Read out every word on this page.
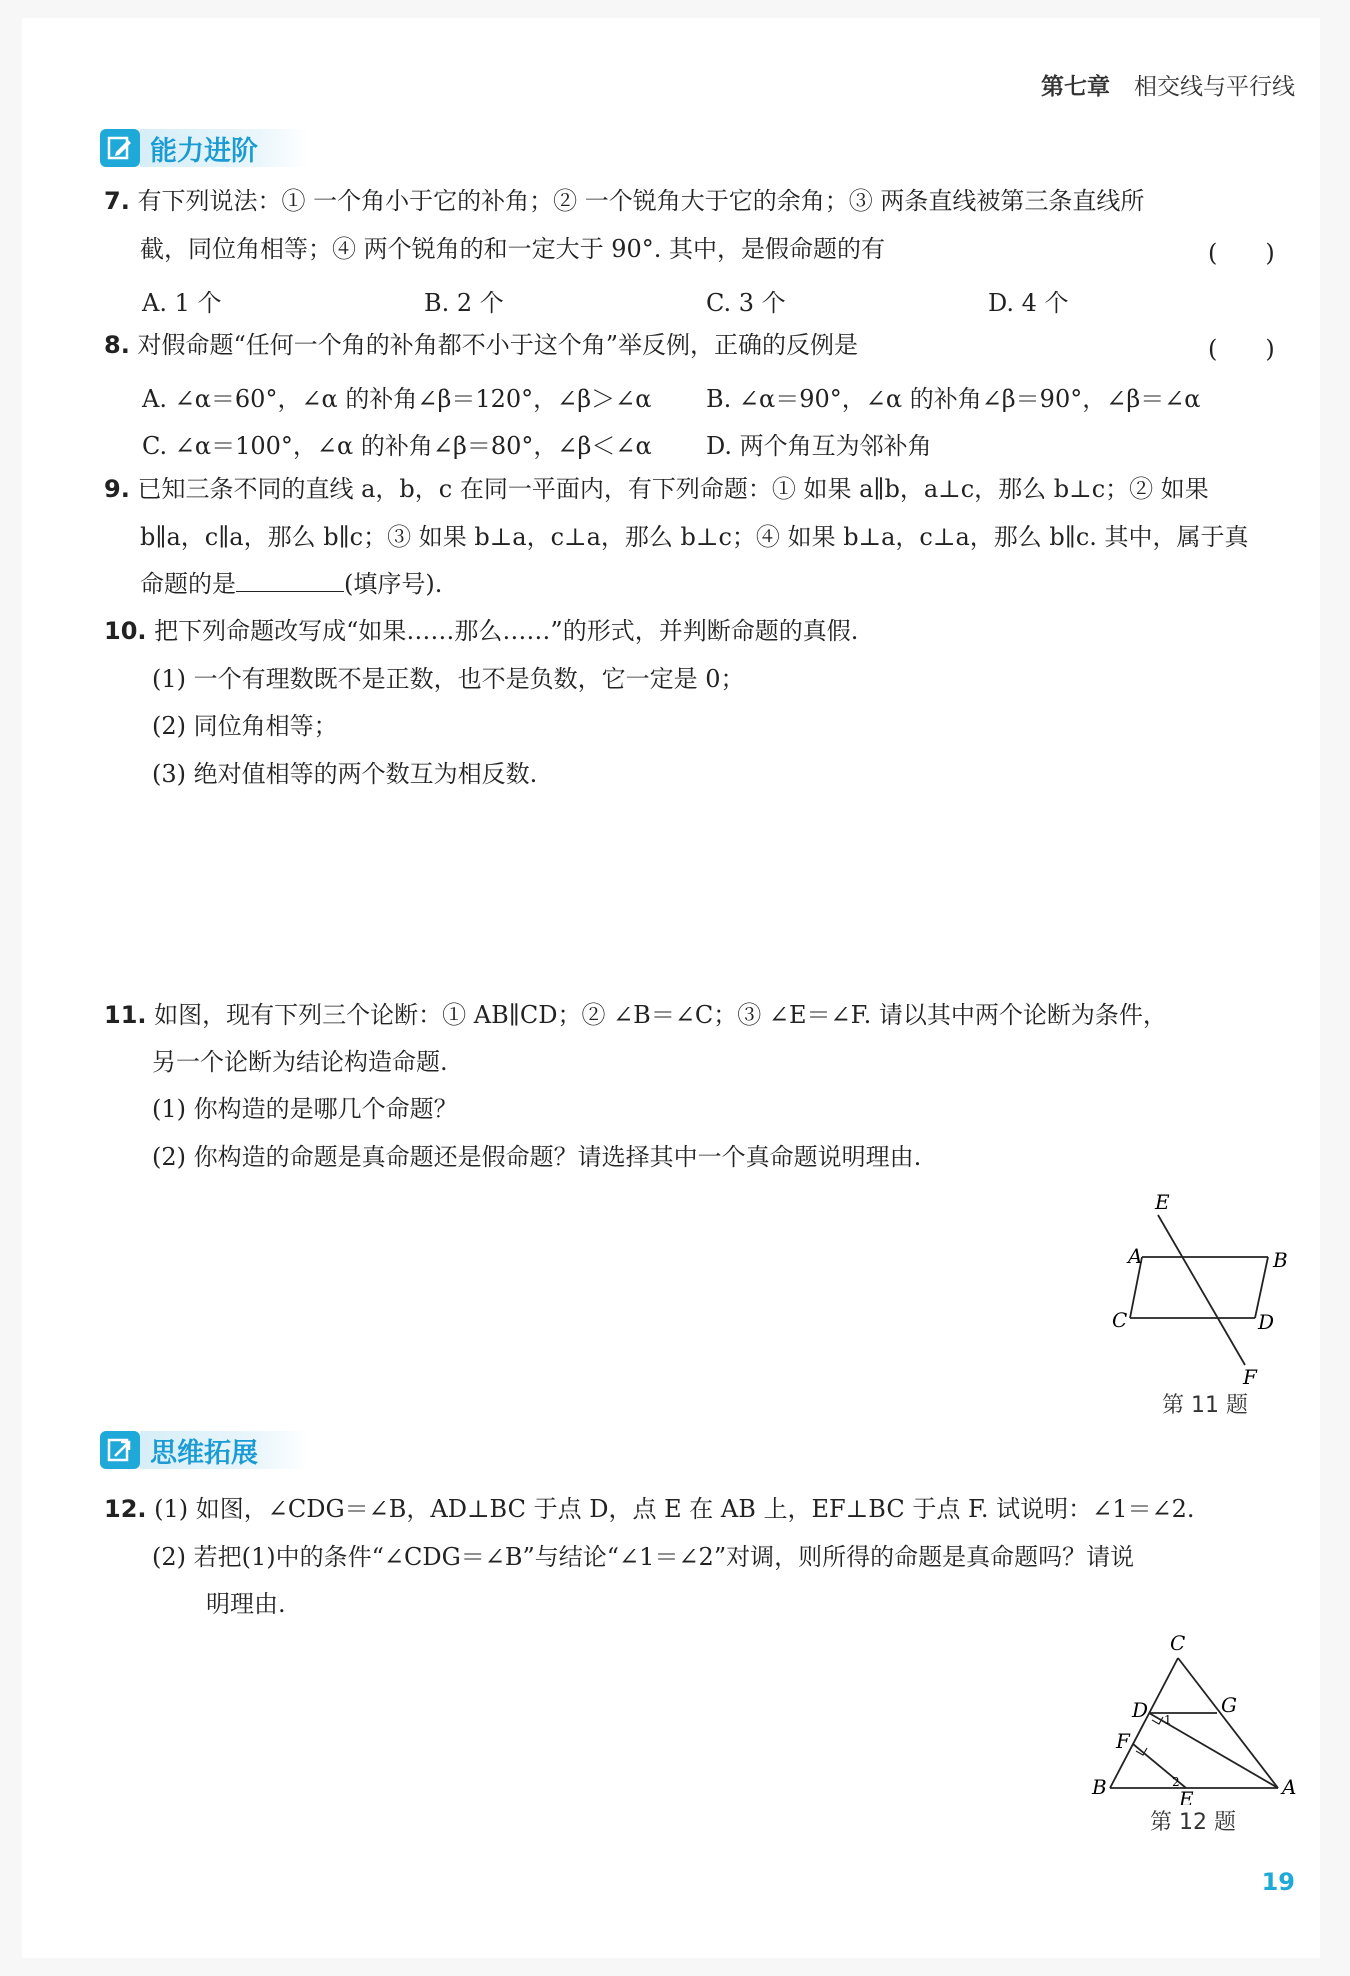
第七章 相交线与平行线
能力进阶
7. 有下列说法：① 一个角小于它的补角；② 一个锐角大于它的余角；③ 两条直线被第三条直线所
截，同位角相等；④ 两个锐角的和一定大于 90°. 其中，是假命题的有	(　　)
A. 1 个	B. 2 个	C. 3 个	D. 4 个
8. 对假命题“任何一个角的补角都不小于这个角”举反例，正确的反例是	(　　)
A. ∠α＝60°，∠α 的补角∠β＝120°，∠β＞∠α B. ∠α＝90°，∠α 的补角∠β＝90°，∠β＝∠α
C. ∠α＝100°，∠α 的补角∠β＝80°，∠β＜∠α D. 两个角互为邻补角
9. 已知三条不同的直线 a，b，c 在同一平面内，有下列命题：① 如果 a∥b，a⊥c，那么 b⊥c；② 如果
b∥a，c∥a，那么 b∥c；③ 如果 b⊥a，c⊥a，那么 b⊥c；④ 如果 b⊥a，c⊥a，那么 b∥c. 其中，属于真
命题的是	(填序号).
10. 把下列命题改写成“如果……那么……”的形式，并判断命题的真假.
(1) 一个有理数既不是正数，也不是负数，它一定是 0；
(2) 同位角相等；
(3) 绝对值相等的两个数互为相反数.
11. 如图，现有下列三个论断：① AB∥CD；② ∠B＝∠C；③ ∠E＝∠F. 请以其中两个论断为条件，
另一个论断为结论构造命题.
(1) 你构造的是哪几个命题？
(2) 你构造的命题是真命题还是假命题？请选择其中一个真命题说明理由.
E
A	B
C	D
F
第 11 题
思维拓展
12. (1) 如图，∠CDG＝∠B，AD⊥BC 于点 D，点 E 在 AB 上，EF⊥BC 于点 F. 试说明：∠1＝∠2.
(2) 若把(1)中的条件“∠CDG＝∠B”与结论“∠1＝∠2”对调，则所得的命题是真命题吗？请说
明理由.
1
2
C
G
D
F
B	E	A
第 12 题
19
